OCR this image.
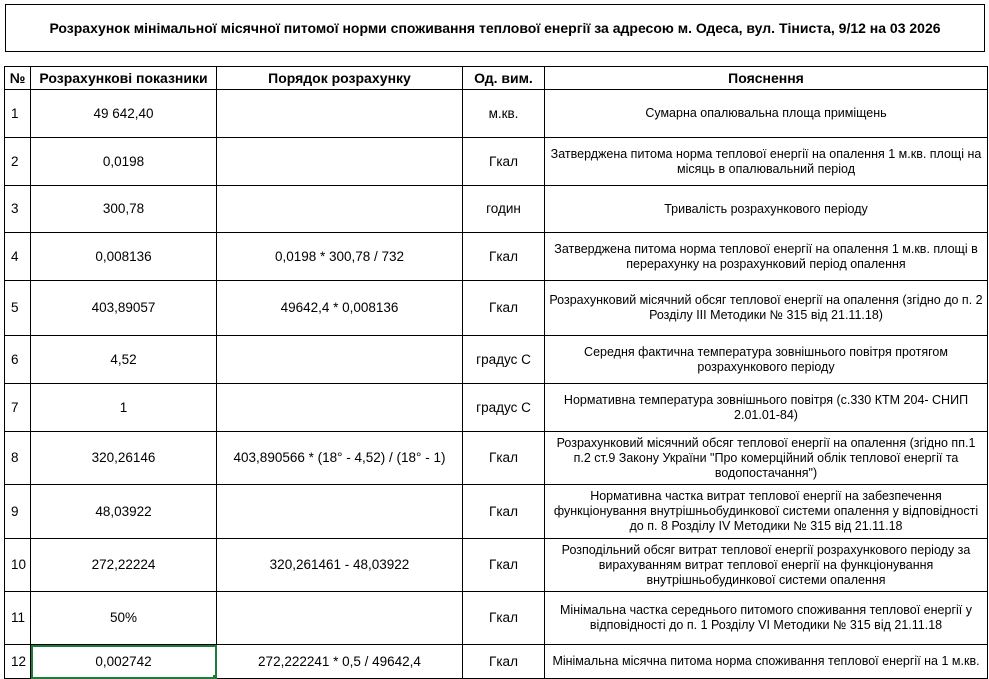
Розрахунок мінімальної місячної питомої норми споживання теплової енергії за адресою м. Одеса, вул. Тіниста, 9/12 на 03 2026
№	Розрахункові показники	Порядок розрахунку	Од. вим.	Пояснення
1	49 642,40		м.кв.	Сумарна опалювальна площа приміщень
2	0,0198		Гкал	Затверджена питома норма теплової енергії на опалення 1 м.кв. площі на місяць в опалювальний період
3	300,78		годин	Тривалість розрахункового періоду
4	0,008136	0,0198 * 300,78 / 732	Гкал	Затверджена питома норма теплової енергії на опалення 1 м.кв. площі в перерахунку на розрахунковий період опалення
5	403,89057	49642,4 * 0,008136	Гкал	Розрахунковий місячний обсяг теплової енергії на опалення (згідно до п. 2 Розділу ІІІ Методики № 315 від 21.11.18)
6	4,52		градус С	Середня фактична температура зовнішнього повітря протягом розрахункового періоду
7	1		градус С	Нормативна температура зовнішнього повітря (с.330 КТМ 204- СНИП 2.01.01-84)
8	320,26146	403,890566 * (18° - 4,52) / (18° - 1)	Гкал	Розрахунковий місячний обсяг теплової енергії на опалення (згідно пп.1 п.2 ст.9 Закону України "Про комерційний облік теплової енергії та водопостачання")
9	48,03922		Гкал	Нормативна частка витрат теплової енергії на забезпечення функціонування внутрішньобудинкової системи опалення у відповідності до п. 8 Розділу IV Методики № 315 від 21.11.18
10	272,22224	320,261461 - 48,03922	Гкал	Розподільний обсяг витрат теплової енергії розрахункового періоду за вирахуванням витрат теплової енергії на функціонування внутрішньобудинкової системи опалення
11	50%		Гкал	Мінімальна частка середнього питомого споживання теплової енергії у відповідності до п. 1 Розділу VI Методики № 315 від 21.11.18
12	0,002742	272,222241 * 0,5 / 49642,4	Гкал	Мінімальна місячна питома норма споживання теплової енергії на 1 м.кв.
